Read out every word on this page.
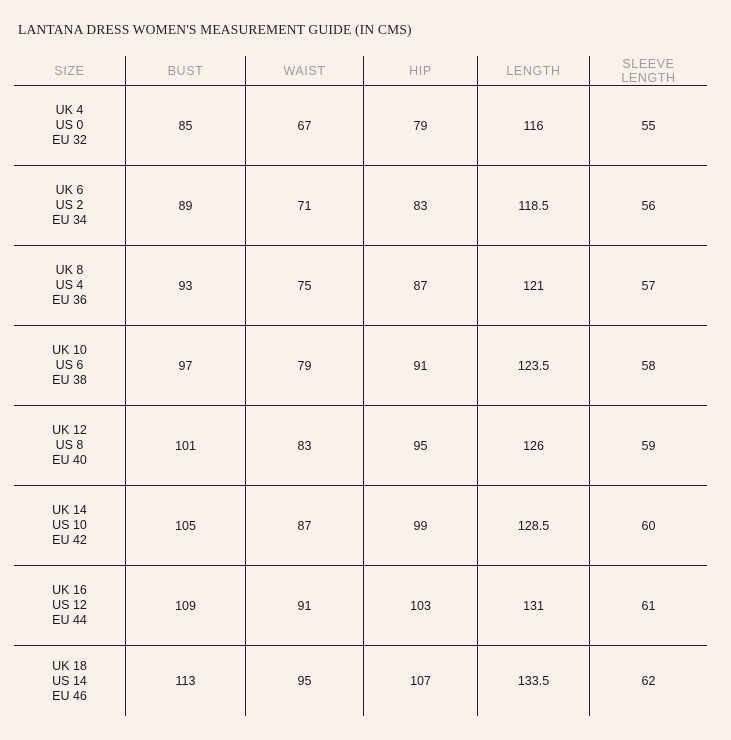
LANTANA DRESS WOMEN'S MEASUREMENT GUIDE (IN CMS)
SIZE	BUST	WAIST	HIP	LENGTH	SLEEVE
LENGTH
UK 4
US 0
EU 32
85	67	79	116	55
UK 6
US 2
EU 34
89	71	83	118.5	56
UK 8
US 4
EU 36
93	75	87	121	57
UK 10
US 6
EU 38
97	79	91	123.5	58
UK 12
US 8
EU 40
101	83	95	126	59
UK 14
US 10
EU 42
105	87	99	128.5	60
UK 16
US 12
EU 44
109	91	103	131	61
UK 18
US 14
EU 46
113	95	107	133.5	62
